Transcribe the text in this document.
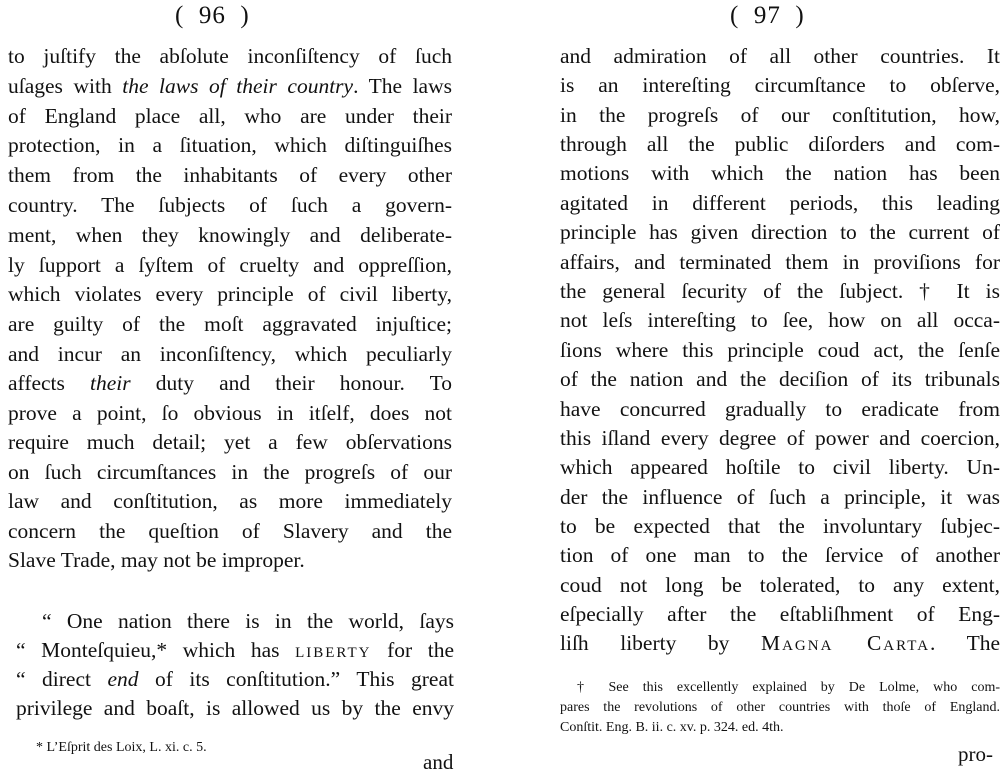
(  96  )
to juſtify the abſolute inconſiſtency of ſuch
uſages with the laws of their country. The laws
of England place all, who are under their
protection, in a ſituation, which diſtinguiſhes
them from the inhabitants of every other
country. The ſubjects of ſuch a govern-
ment, when they knowingly and deliberate-
ly ſupport a ſyſtem of cruelty and oppreſſion,
which violates every principle of civil liberty,
are guilty of the moſt aggravated injuſtice;
and incur an inconſiſtency, which peculiarly
affects their duty and their honour. To
prove a point, ſo obvious in itſelf, does not
require much detail; yet a few obſervations
on ſuch circumſtances in the progreſs of our
law and conſtitution, as more immediately
concern the queſtion of Slavery and the
Slave Trade, may not be improper.
“ One nation there is in the world, ſays
“ Monteſquieu,* which has liberty for the
“ direct end of its conſtitution.” This great
privilege and boaſt, is allowed us by the envy
* L’Eſprit des Loix, L. xi. c. 5.
and
(  97  )
and admiration of all other countries. It
is an intereſting circumſtance to obſerve,
in the progreſs of our conſtitution, how,
through all the public diſorders and com-
motions with which the nation has been
agitated in different periods, this leading
principle has given direction to the current of
affairs, and terminated them in proviſions for
the general ſecurity of the ſubject. † It is
not leſs intereſting to ſee, how on all occa-
ſions where this principle coud act, the ſenſe
of the nation and the deciſion of its tribunals
have concurred gradually to eradicate from
this iſland every degree of power and coercion,
which appeared hoſtile to civil liberty. Un-
der the influence of ſuch a principle, it was
to be expected that the involuntary ſubjec-
tion of one man to the ſervice of another
coud not long be tolerated, to any extent,
eſpecially after the eſtabliſhment of Eng-
liſh liberty by Magna Carta. The
† See this excellently explained by De Lolme, who com-
pares the revolutions of other countries with thoſe of England.
Conſtit. Eng. B. ii. c. xv. p. 324. ed. 4th.
pro-
